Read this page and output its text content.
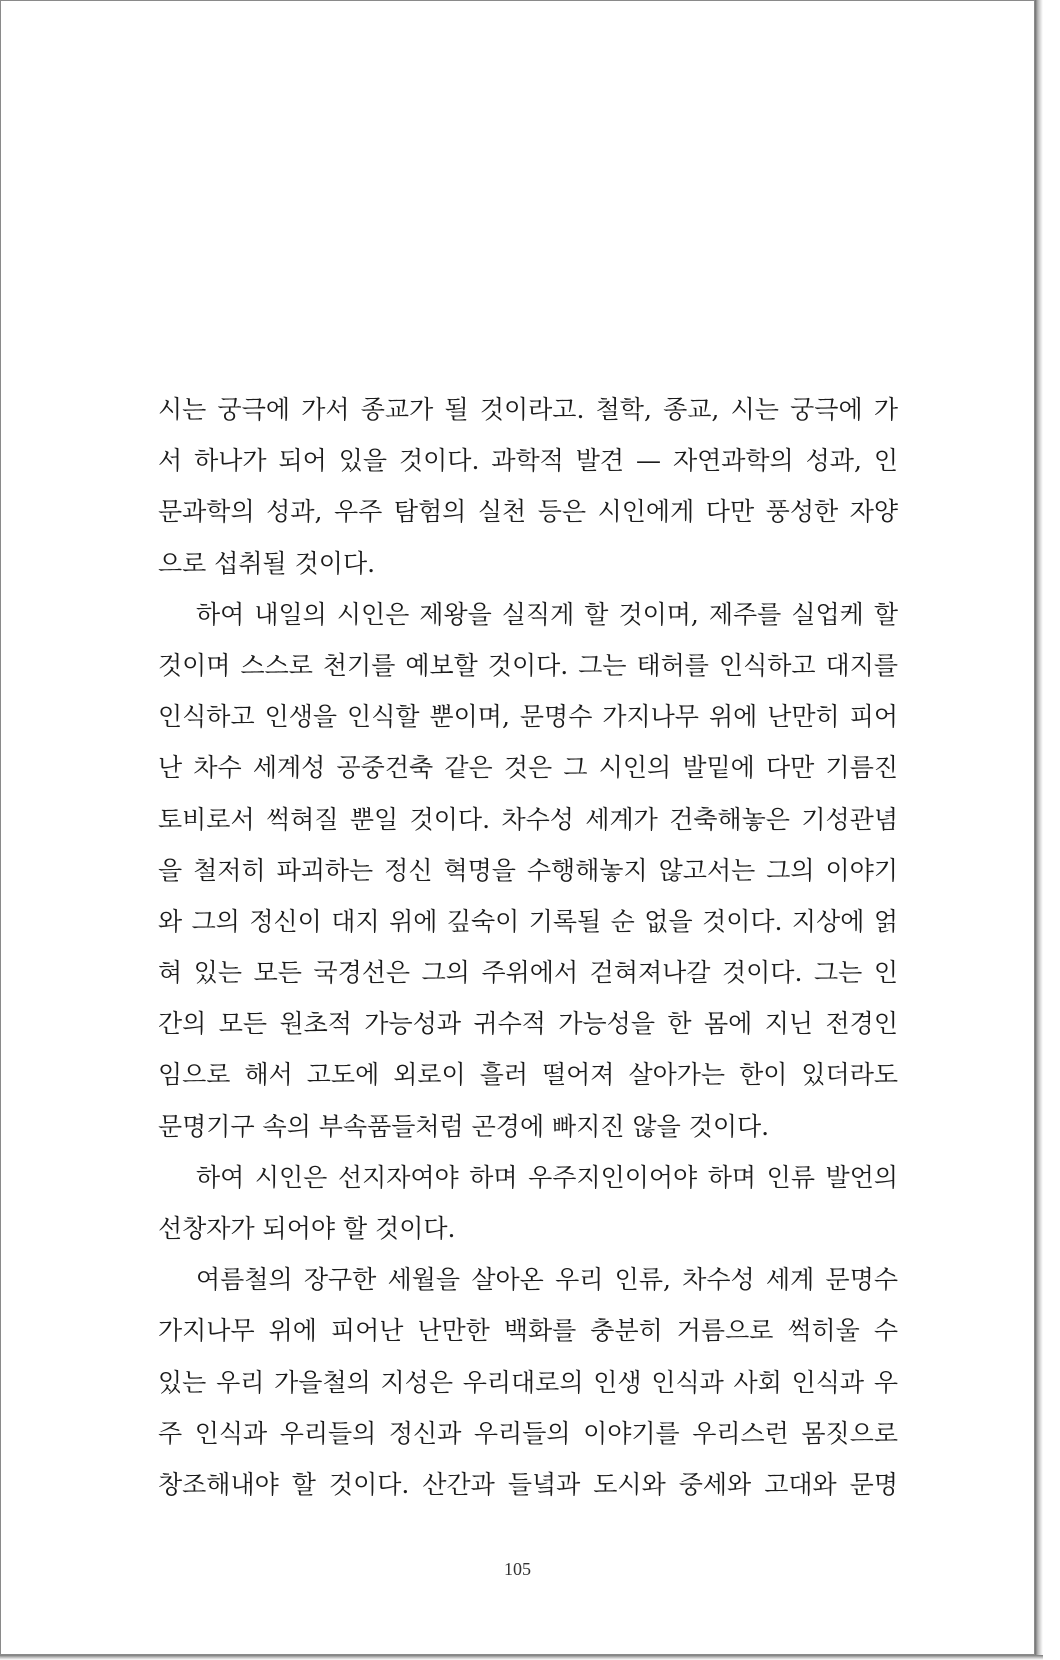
시는 궁극에 가서 종교가 될 것이라고. 철학, 종교, 시는 궁극에 가
서 하나가 되어 있을 것이다. 과학적 발견 — 자연과학의 성과, 인
문과학의 성과, 우주 탐험의 실천 등은 시인에게 다만 풍성한 자양
으로 섭취될 것이다.

하여 내일의 시인은 제왕을 실직게 할 것이며, 제주를 실업케 할
것이며 스스로 천기를 예보할 것이다. 그는 태허를 인식하고 대지를
인식하고 인생을 인식할 뿐이며, 문명수 가지나무 위에 난만히 피어
난 차수 세계성 공중건축 같은 것은 그 시인의 발밑에 다만 기름진
토비로서 썩혀질 뿐일 것이다. 차수성 세계가 건축해놓은 기성관념
을 철저히 파괴하는 정신 혁명을 수행해놓지 않고서는 그의 이야기
와 그의 정신이 대지 위에 깊숙이 기록될 순 없을 것이다. 지상에 얽
혀 있는 모든 국경선은 그의 주위에서 걷혀져나갈 것이다. 그는 인
간의 모든 원초적 가능성과 귀수적 가능성을 한 몸에 지닌 전경인
임으로 해서 고도에 외로이 흘러 떨어져 살아가는 한이 있더라도
문명기구 속의 부속품들처럼 곤경에 빠지진 않을 것이다.

하여 시인은 선지자여야 하며 우주지인이어야 하며 인류 발언의
선창자가 되어야 할 것이다.

여름철의 장구한 세월을 살아온 우리 인류, 차수성 세계 문명수
가지나무 위에 피어난 난만한 백화를 충분히 거름으로 썩히울 수
있는 우리 가을철의 지성은 우리대로의 인생 인식과 사회 인식과 우
주 인식과 우리들의 정신과 우리들의 이야기를 우리스런 몸짓으로
창조해내야 할 것이다. 산간과 들녘과 도시와 중세와 고대와 문명

105
